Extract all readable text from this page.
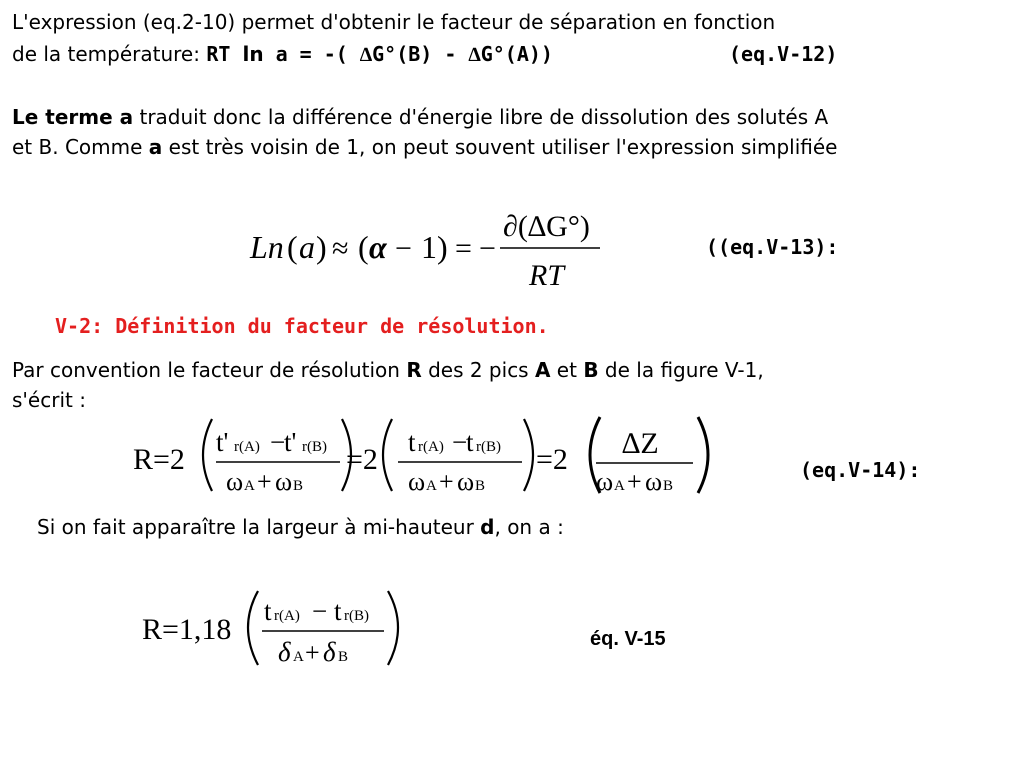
L'expression (eq.2-10) permet d'obtenir le facteur de séparation en fonction
de la température: RT ln a = -( ∆G°(B) - ∆G°(A))	(eq.V-12)
Le terme a traduit donc la différence d'énergie libre de dissolution des solutés A
et B. Comme a est très voisin de 1, on peut souvent utiliser l'expression simplifiée
Ln ( a ) ≈ ( α − 1 ) = −
∂(∆G°)
RT
((eq.V-13):
V-2: Définition du facteur de résolution.
Par convention le facteur de résolution R des 2 pics A et B de la figure V-1,
s'écrit :
R=2
t' r(A) −
t' r(B)
ω A + ω B
=2
t r(A) −
t r(B)
ω A + ω B
=2 ∆Z
ω A + ω B
(eq.V-14):
Si on fait apparaître la largeur à mi-hauteur d, on a :
R=1,18
t r(A) − t r(B)
δ A + δ B
éq. V-15
